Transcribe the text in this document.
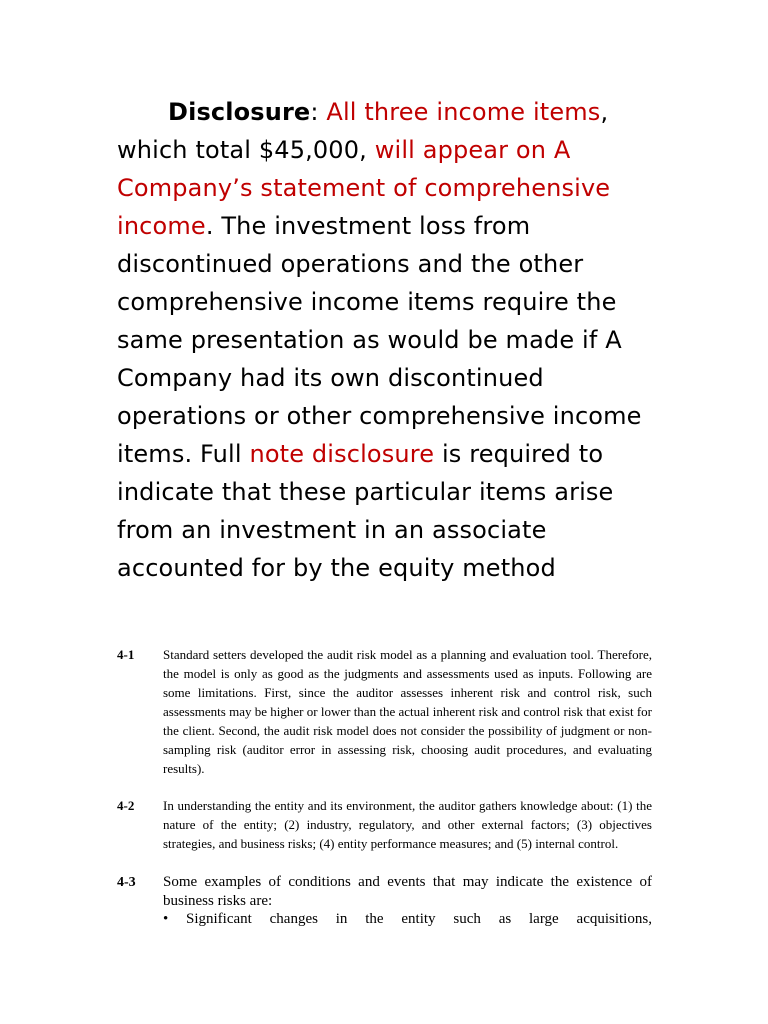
Disclosure: All three income items, which total $45,000, will appear on A Company’s statement of comprehensive income. The investment loss from discontinued operations and the other comprehensive income items require the same presentation as would be made if A Company had its own discontinued operations or other comprehensive income items. Full note disclosure is required to indicate that these particular items arise from an investment in an associate accounted for by the equity method

4-1	Standard setters developed the audit risk model as a planning and evaluation tool. Therefore, the model is only as good as the judgments and assessments used as inputs. Following are some limitations. First, since the auditor assesses inherent risk and control risk, such assessments may be higher or lower than the actual inherent risk and control risk that exist for the client. Second, the audit risk model does not consider the possibility of judgment or non-sampling risk (auditor error in assessing risk, choosing audit procedures, and evaluating results).

4-2	In understanding the entity and its environment, the auditor gathers knowledge about: (1) the nature of the entity; (2) industry, regulatory, and other external factors; (3) objectives strategies, and business risks; (4) entity performance measures; and (5) internal control.

4-3	Some examples of conditions and events that may indicate the existence of business risks are:

•	Significant changes in the entity such as large acquisitions,
